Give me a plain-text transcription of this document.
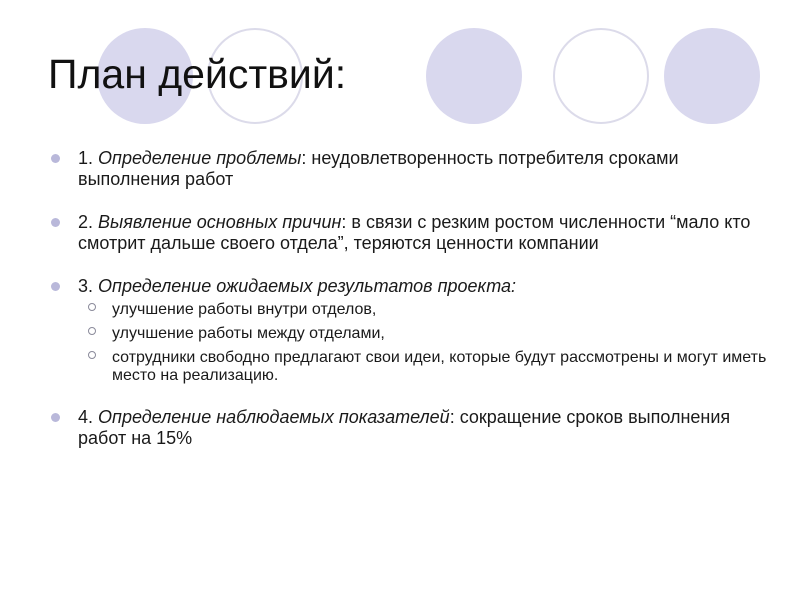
План действий:
1. Определение проблемы: неудовлетворенность потребителя сроками выполнения работ
2. Выявление основных причин: в связи с резким ростом численности “мало кто смотрит дальше своего отдела”, теряются ценности компании
3. Определение ожидаемых результатов проекта:
улучшение работы внутри отделов,
улучшение работы между отделами,
сотрудники свободно предлагают свои идеи, которые будут рассмотрены и могут иметь место на реализацию.
4. Определение наблюдаемых показателей: сокращение сроков выполнения работ на 15%
